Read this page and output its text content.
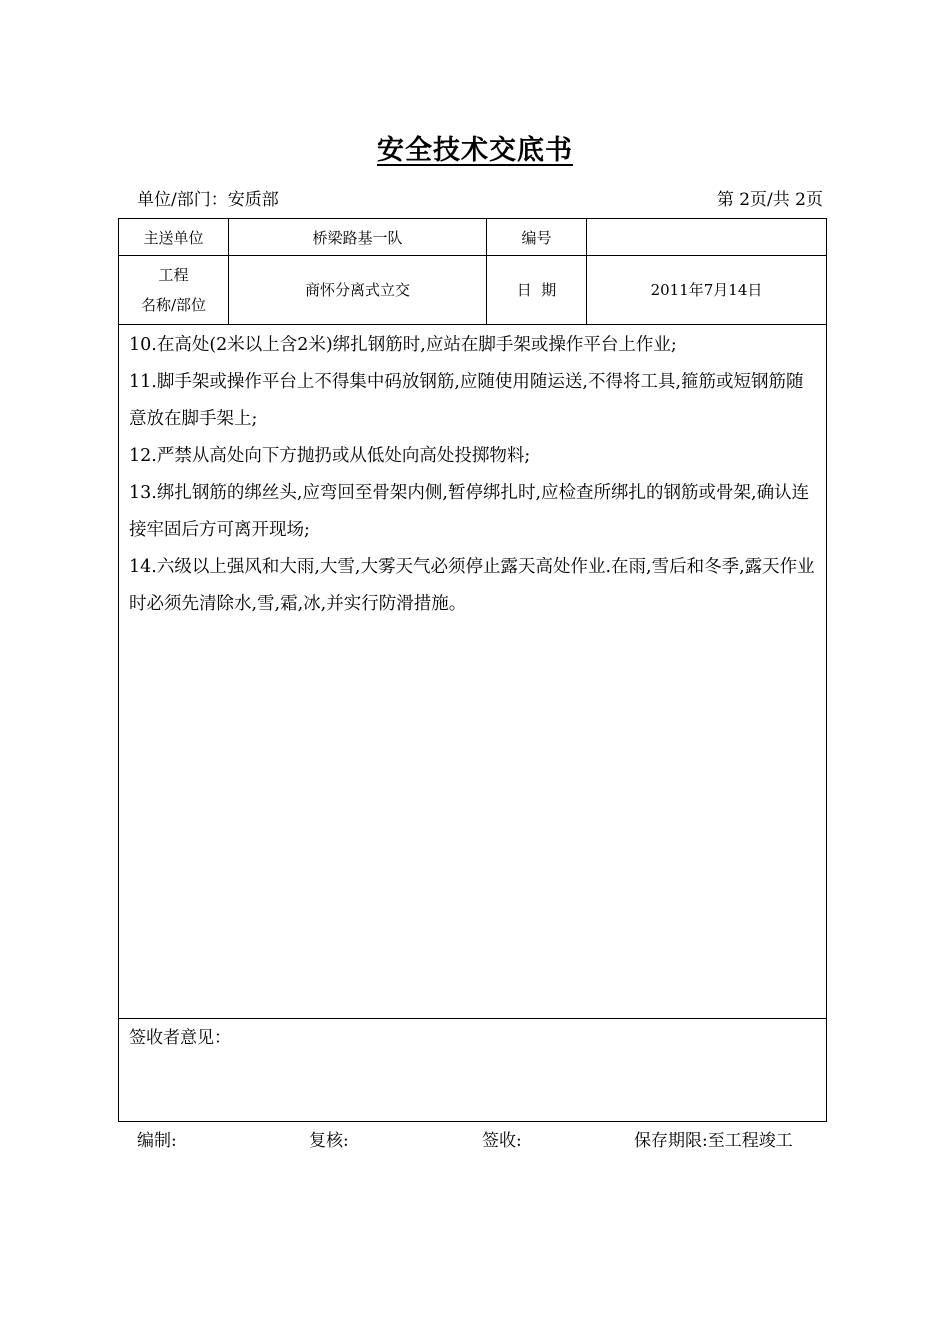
安全技术交底书
单位/部门：安质部	第 2页/共 2页
主送单位	桥梁路基一队	编号	

工程
名称/部位	商怀分离式立交	日  期	2011年7月14日

10.在高处(2米以上含2米)绑扎钢筋时,应站在脚手架或操作平台上作业;

11.脚手架或操作平台上不得集中码放钢筋,应随使用随运送,不得将工具,箍筋或短钢筋随意放在脚手架上;

12.严禁从高处向下方抛扔或从低处向高处投掷物料;

13.绑扎钢筋的绑丝头,应弯回至骨架内侧,暂停绑扎时,应检查所绑扎的钢筋或骨架,确认连接牢固后方可离开现场;

14.六级以上强风和大雨,大雪,大雾天气必须停止露天高处作业.在雨,雪后和冬季,露天作业时必须先清除水,雪,霜,冰,并实行防滑措施。			

签收者意见：			
编制:	复核:	签收:	保存期限:至工程竣工
